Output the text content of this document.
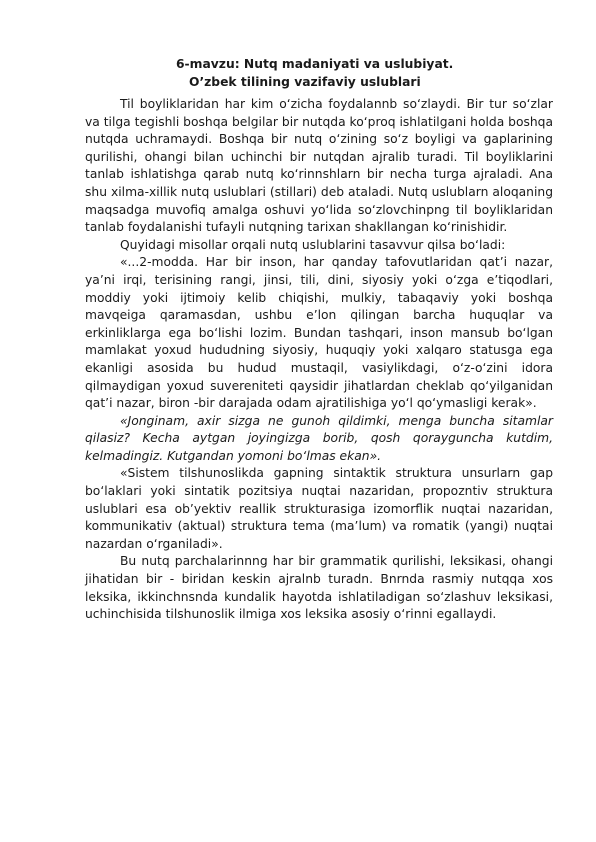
6-mavzu: Nutq madaniyati va uslubiyat.
O’zbek tilining vazifaviy uslublari

Til boyliklaridan har kim o‘zicha foydalannb so‘zlaydi. Bir tur so‘zlar va tilga tegishli boshqa belgilar bir nutqda ko‘proq ishlatilgani holda boshqa nutqda uchramaydi. Boshqa bir nutq o‘zining so‘z boyligi va gaplarining qurilishi, ohangi bilan uchinchi bir nutqdan ajralib turadi. Til boyliklarini tanlab ishlatishga qarab nutq ko‘rinnshlarn bir necha turga ajraladi. Ana shu xilma-xillik nutq uslublari (stillari) deb ataladi. Nutq uslublarn aloqaning maqsadga muvofiq amalga oshuvi yo‘lida so‘zlovchinpng til boyliklaridan tanlab foydalanishi tufayli nutqning tarixan shakllangan ko‘rinishidir.

Quyidagi misollar orqali nutq uslublarini tasavvur qilsa bo‘ladi:

«...2-modda. Har bir inson, har qanday tafovutlaridan qat’i nazar, ya’ni irqi, terisining rangi, jinsi, tili, dini, siyosiy yoki o‘zga e’tiqodlari, moddiy yoki ijtimoiy kelib chiqishi, mulkiy, tabaqaviy yoki boshqa mavqeiga qaramasdan, ushbu e’lon qilingan barcha huquqlar va erkinliklarga ega bo‘lishi lozim. Bundan tashqari, inson mansub bo‘lgan mamlakat yoxud hududning siyosiy, huquqiy yoki xalqaro statusga ega ekanligi asosida bu hudud mustaqil, vasiylikdagi, o‘z-o‘zini idora qilmaydigan yoxud suvereniteti qaysidir jihatlardan cheklab qo‘yilganidan qat’i nazar, biron -bir darajada odam ajratilishiga yo‘l qo‘ymasligi kerak».

«Jonginam, axir sizga ne gunoh qildimki, menga buncha sitamlar qilasiz? Kecha aytgan joyingizga borib, qosh qoraygunchа kutdim, kelmadingiz. Kutgandan yomoni bo‘lmas ekan».

«Sistem tilshunoslikda gapning sintaktik struktura unsurlarn gap bo‘laklari yoki sintatik pozitsiya nuqtai nazaridan, propozntiv struktura uslublari esa ob’yektiv reallik strukturasiga izomorflik nuqtai nazaridan, kommunikativ (aktual) struktura tema (ma’lum) va romatik (yangi) nuqtai nazardan o‘rganiladi».

Bu nutq parchalarinnng har bir grammatik qurilishi, leksikasi, ohangi jihatidan bir - biridan keskin ajralnb turadn. Bnrnda rasmiy nutqqa xos leksika, ikkinchnsnda kundalik hayotda ishlatiladigan so‘zlashuv leksikasi, uchinchisida tilshunoslik ilmiga xos leksika asosiy o‘rinni egallaydi.
